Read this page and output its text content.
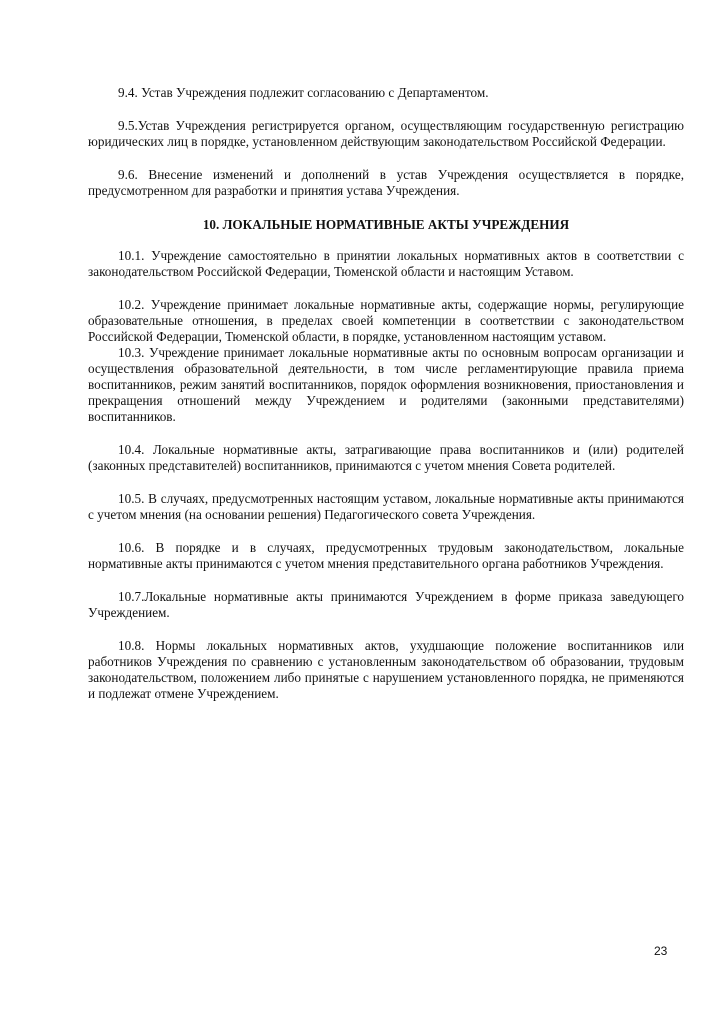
9.4. Устав Учреждения подлежит согласованию с Департаментом.

9.5.Устав Учреждения регистрируется органом, осуществляющим государственную регистрацию юридических лиц в порядке, установленном действующим законодательством Российской Федерации.

9.6. Внесение изменений и дополнений в устав Учреждения осуществляется в порядке, предусмотренном для разработки и принятия устава Учреждения.

10. ЛОКАЛЬНЫЕ НОРМАТИВНЫЕ АКТЫ УЧРЕЖДЕНИЯ

10.1. Учреждение самостоятельно в принятии локальных нормативных актов в соответствии с законодательством Российской Федерации, Тюменской области и настоящим Уставом.

10.2. Учреждение принимает локальные нормативные акты, содержащие нормы, регулирующие образовательные отношения, в пределах своей компетенции в соответствии с законодательством Российской Федерации, Тюменской области, в порядке, установленном настоящим уставом.

10.3. Учреждение принимает локальные нормативные акты по основным вопросам организации и осуществления образовательной деятельности, в том числе регламентирующие правила приема воспитанников, режим занятий воспитанников, порядок оформления возникновения, приостановления и прекращения отношений между Учреждением и родителями (законными представителями) воспитанников.

10.4. Локальные нормативные акты, затрагивающие права воспитанников и (или) родителей (законных представителей) воспитанников, принимаются с учетом мнения Совета родителей.

10.5. В случаях, предусмотренных настоящим уставом, локальные нормативные акты принимаются с учетом мнения (на основании решения) Педагогического совета Учреждения.

10.6. В порядке и в случаях, предусмотренных трудовым законодательством, локальные нормативные акты принимаются с учетом мнения представительного органа работников Учреждения.

10.7.Локальные нормативные акты принимаются Учреждением в форме приказа заведующего Учреждением.

10.8. Нормы локальных нормативных актов, ухудшающие положение воспитанников или работников Учреждения по сравнению с установленным законодательством об образовании, трудовым законодательством, положением либо принятые с нарушением установленного порядка, не применяются и подлежат отмене Учреждением.

23
